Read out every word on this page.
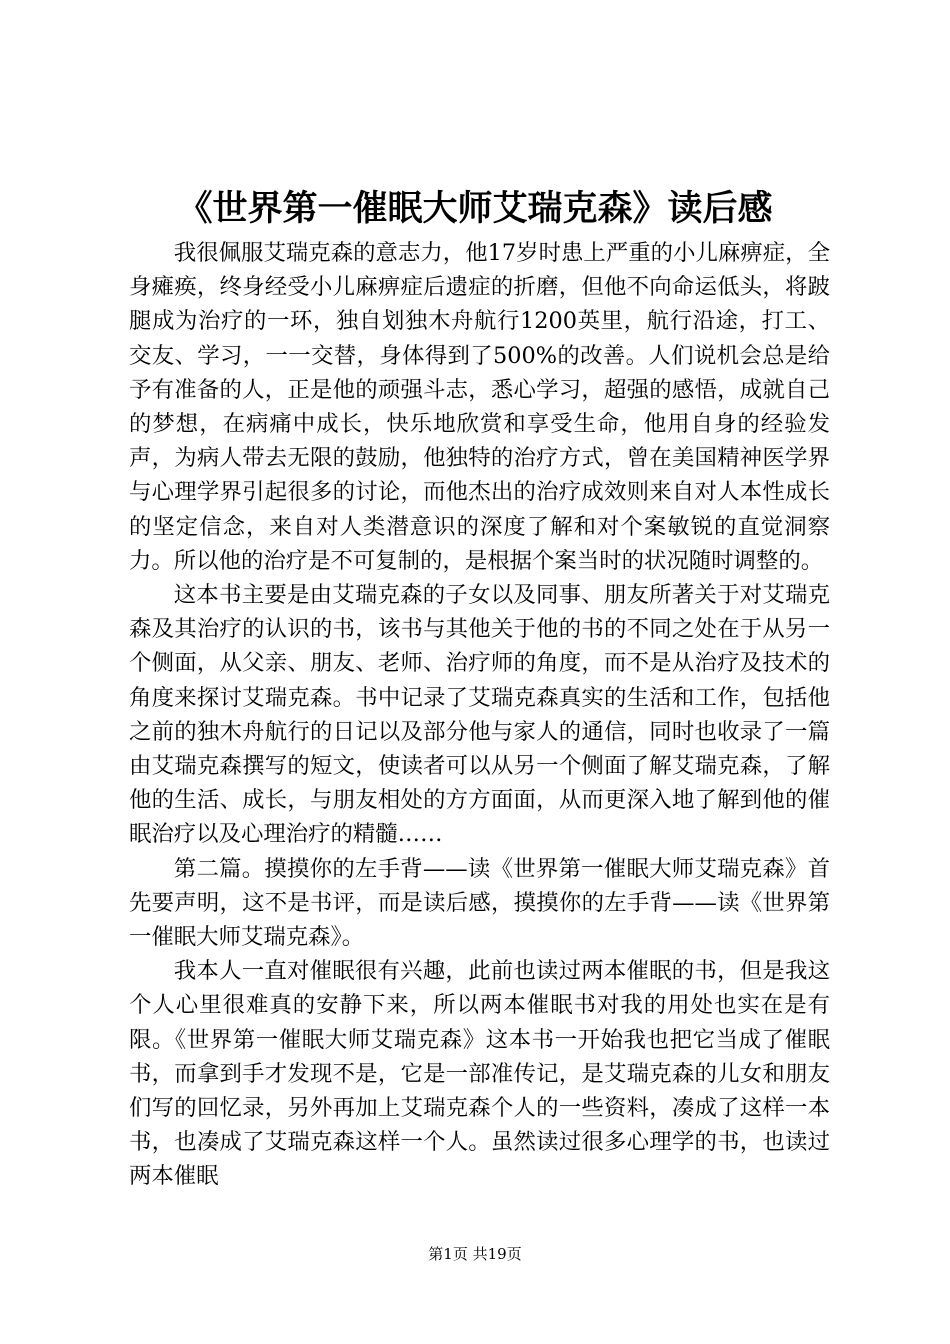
《世界第一催眠大师艾瑞克森》读后感

我很佩服艾瑞克森的意志力，他17岁时患上严重的小儿麻痹症，全身瘫痪，终身经受小儿麻痹症后遗症的折磨，但他不向命运低头，将跛腿成为治疗的一环，独自划独木舟航行1200英里，航行沿途，打工、交友、学习，一一交替，身体得到了500%的改善。人们说机会总是给予有准备的人，正是他的顽强斗志，悉心学习，超强的感悟，成就自己的梦想，在病痛中成长，快乐地欣赏和享受生命，他用自身的经验发声，为病人带去无限的鼓励，他独特的治疗方式，曾在美国精神医学界与心理学界引起很多的讨论，而他杰出的治疗成效则来自对人本性成长的坚定信念，来自对人类潜意识的深度了解和对个案敏锐的直觉洞察力。所以他的治疗是不可复制的，是根据个案当时的状况随时调整的。

这本书主要是由艾瑞克森的子女以及同事、朋友所著关于对艾瑞克森及其治疗的认识的书，该书与其他关于他的书的不同之处在于从另一个侧面，从父亲、朋友、老师、治疗师的角度，而不是从治疗及技术的角度来探讨艾瑞克森。书中记录了艾瑞克森真实的生活和工作，包括他之前的独木舟航行的日记以及部分他与家人的通信，同时也收录了一篇由艾瑞克森撰写的短文，使读者可以从另一个侧面了解艾瑞克森，了解他的生活、成长，与朋友相处的方方面面，从而更深入地了解到他的催眠治疗以及心理治疗的精髓……

第二篇。摸摸你的左手背——读《世界第一催眠大师艾瑞克森》首先要声明，这不是书评，而是读后感，摸摸你的左手背——读《世界第一催眠大师艾瑞克森》。

我本人一直对催眠很有兴趣，此前也读过两本催眠的书，但是我这个人心里很难真的安静下来，所以两本催眠书对我的用处也实在是有限。《世界第一催眠大师艾瑞克森》这本书一开始我也把它当成了催眠书，而拿到手才发现不是，它是一部准传记，是艾瑞克森的儿女和朋友们写的回忆录，另外再加上艾瑞克森个人的一些资料，凑成了这样一本书，也凑成了艾瑞克森这样一个人。虽然读过很多心理学的书，也读过两本催眠

第1页 共19页
